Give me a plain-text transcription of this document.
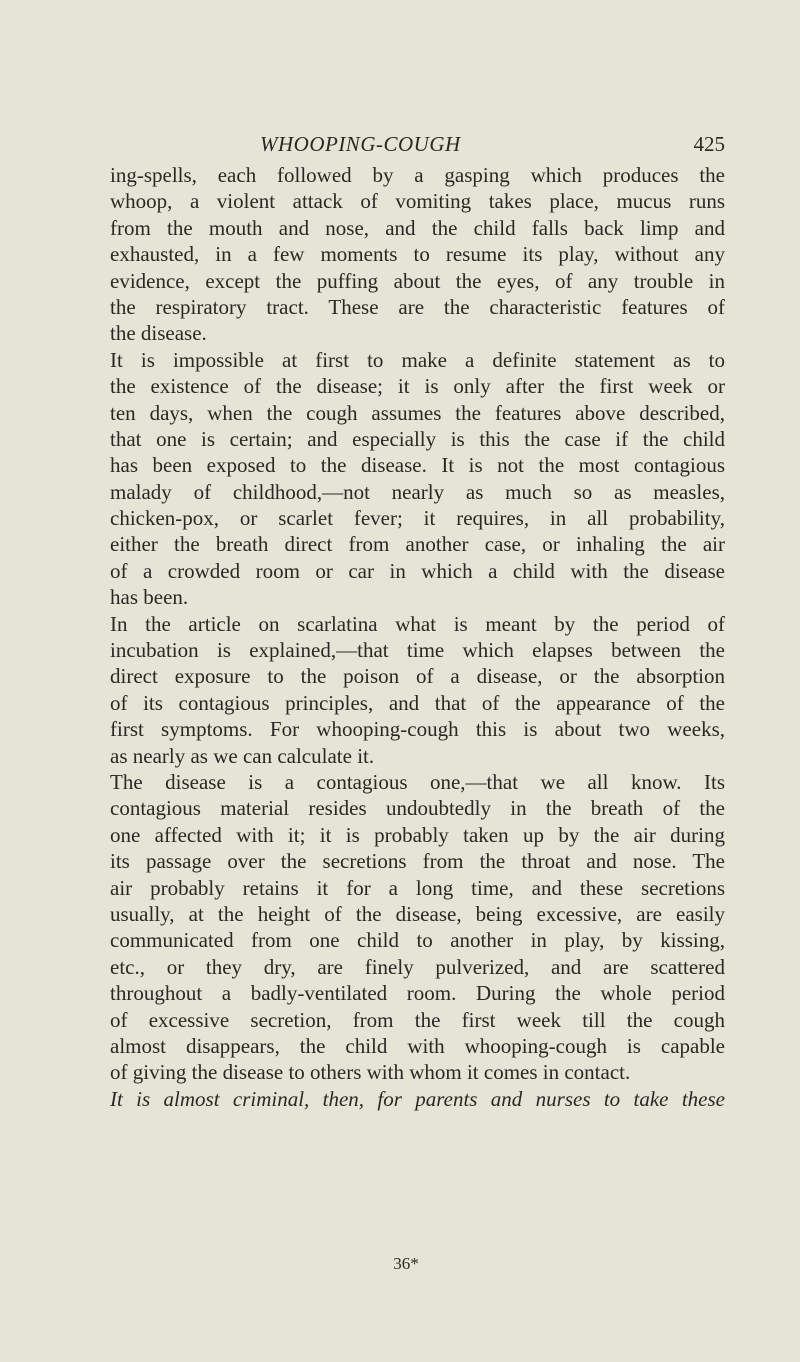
WHOOPING-COUGH	425
ing-spells, each followed by a gasping which produces the
whoop, a violent attack of vomiting takes place, mucus runs
from the mouth and nose, and the child falls back limp and
exhausted, in a few moments to resume its play, without any
evidence, except the puffing about the eyes, of any trouble in
the respiratory tract. These are the characteristic features of
the disease.
It is impossible at first to make a definite statement as to
the existence of the disease; it is only after the first week or
ten days, when the cough assumes the features above described,
that one is certain; and especially is this the case if the child
has been exposed to the disease. It is not the most contagious
malady of childhood,—not nearly as much so as measles,
chicken-pox, or scarlet fever; it requires, in all probability,
either the breath direct from another case, or inhaling the air
of a crowded room or car in which a child with the disease
has been.
In the article on scarlatina what is meant by the period of
incubation is explained,—that time which elapses between the
direct exposure to the poison of a disease, or the absorption
of its contagious principles, and that of the appearance of the
first symptoms. For whooping-cough this is about two weeks,
as nearly as we can calculate it.
The disease is a contagious one,—that we all know. Its
contagious material resides undoubtedly in the breath of the
one affected with it; it is probably taken up by the air during
its passage over the secretions from the throat and nose. The
air probably retains it for a long time, and these secretions
usually, at the height of the disease, being excessive, are easily
communicated from one child to another in play, by kissing,
etc., or they dry, are finely pulverized, and are scattered
throughout a badly-ventilated room. During the whole period
of excessive secretion, from the first week till the cough
almost disappears, the child with whooping-cough is capable
of giving the disease to others with whom it comes in contact.
It is almost criminal, then, for parents and nurses to take these
36*
